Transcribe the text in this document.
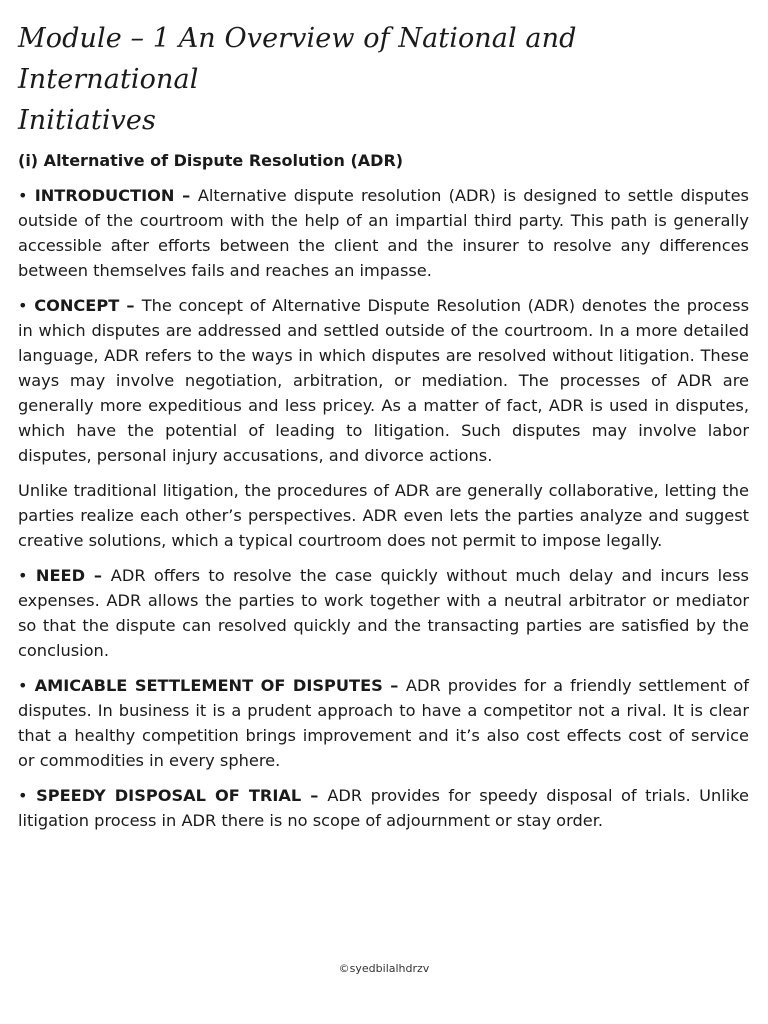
Module – 1 An Overview of National and International
Initiatives
(i) Alternative of Dispute Resolution (ADR)

• INTRODUCTION – Alternative dispute resolution (ADR) is designed to settle disputes outside of the courtroom with the help of an impartial third party. This path is generally accessible after efforts between the client and the insurer to resolve any differences between themselves fails and reaches an impasse.

• CONCEPT – The concept of Alternative Dispute Resolution (ADR) denotes the process in which disputes are addressed and settled outside of the courtroom. In a more detailed language, ADR refers to the ways in which disputes are resolved without litigation. These ways may involve negotiation, arbitration, or mediation. The processes of ADR are generally more expeditious and less pricey. As a matter of fact, ADR is used in disputes, which have the potential of leading to litigation. Such disputes may involve labor disputes, personal injury accusations, and divorce actions.

Unlike traditional litigation, the procedures of ADR are generally collaborative, letting the parties realize each other’s perspectives. ADR even lets the parties analyze and suggest creative solutions, which a typical courtroom does not permit to impose legally.

• NEED – ADR offers to resolve the case quickly without much delay and incurs less expenses. ADR allows the parties to work together with a neutral arbitrator or mediator so that the dispute can resolved quickly and the transacting parties are satisfied by the conclusion.

• AMICABLE SETTLEMENT OF DISPUTES – ADR provides for a friendly settlement of disputes. In business it is a prudent approach to have a competitor not a rival. It is clear that a healthy competition brings improvement and it’s also cost effects cost of service or commodities in every sphere.

• SPEEDY DISPOSAL OF TRIAL – ADR provides for speedy disposal of trials. Unlike litigation process in ADR there is no scope of adjournment or stay order.

©syedbilalhdrzv
